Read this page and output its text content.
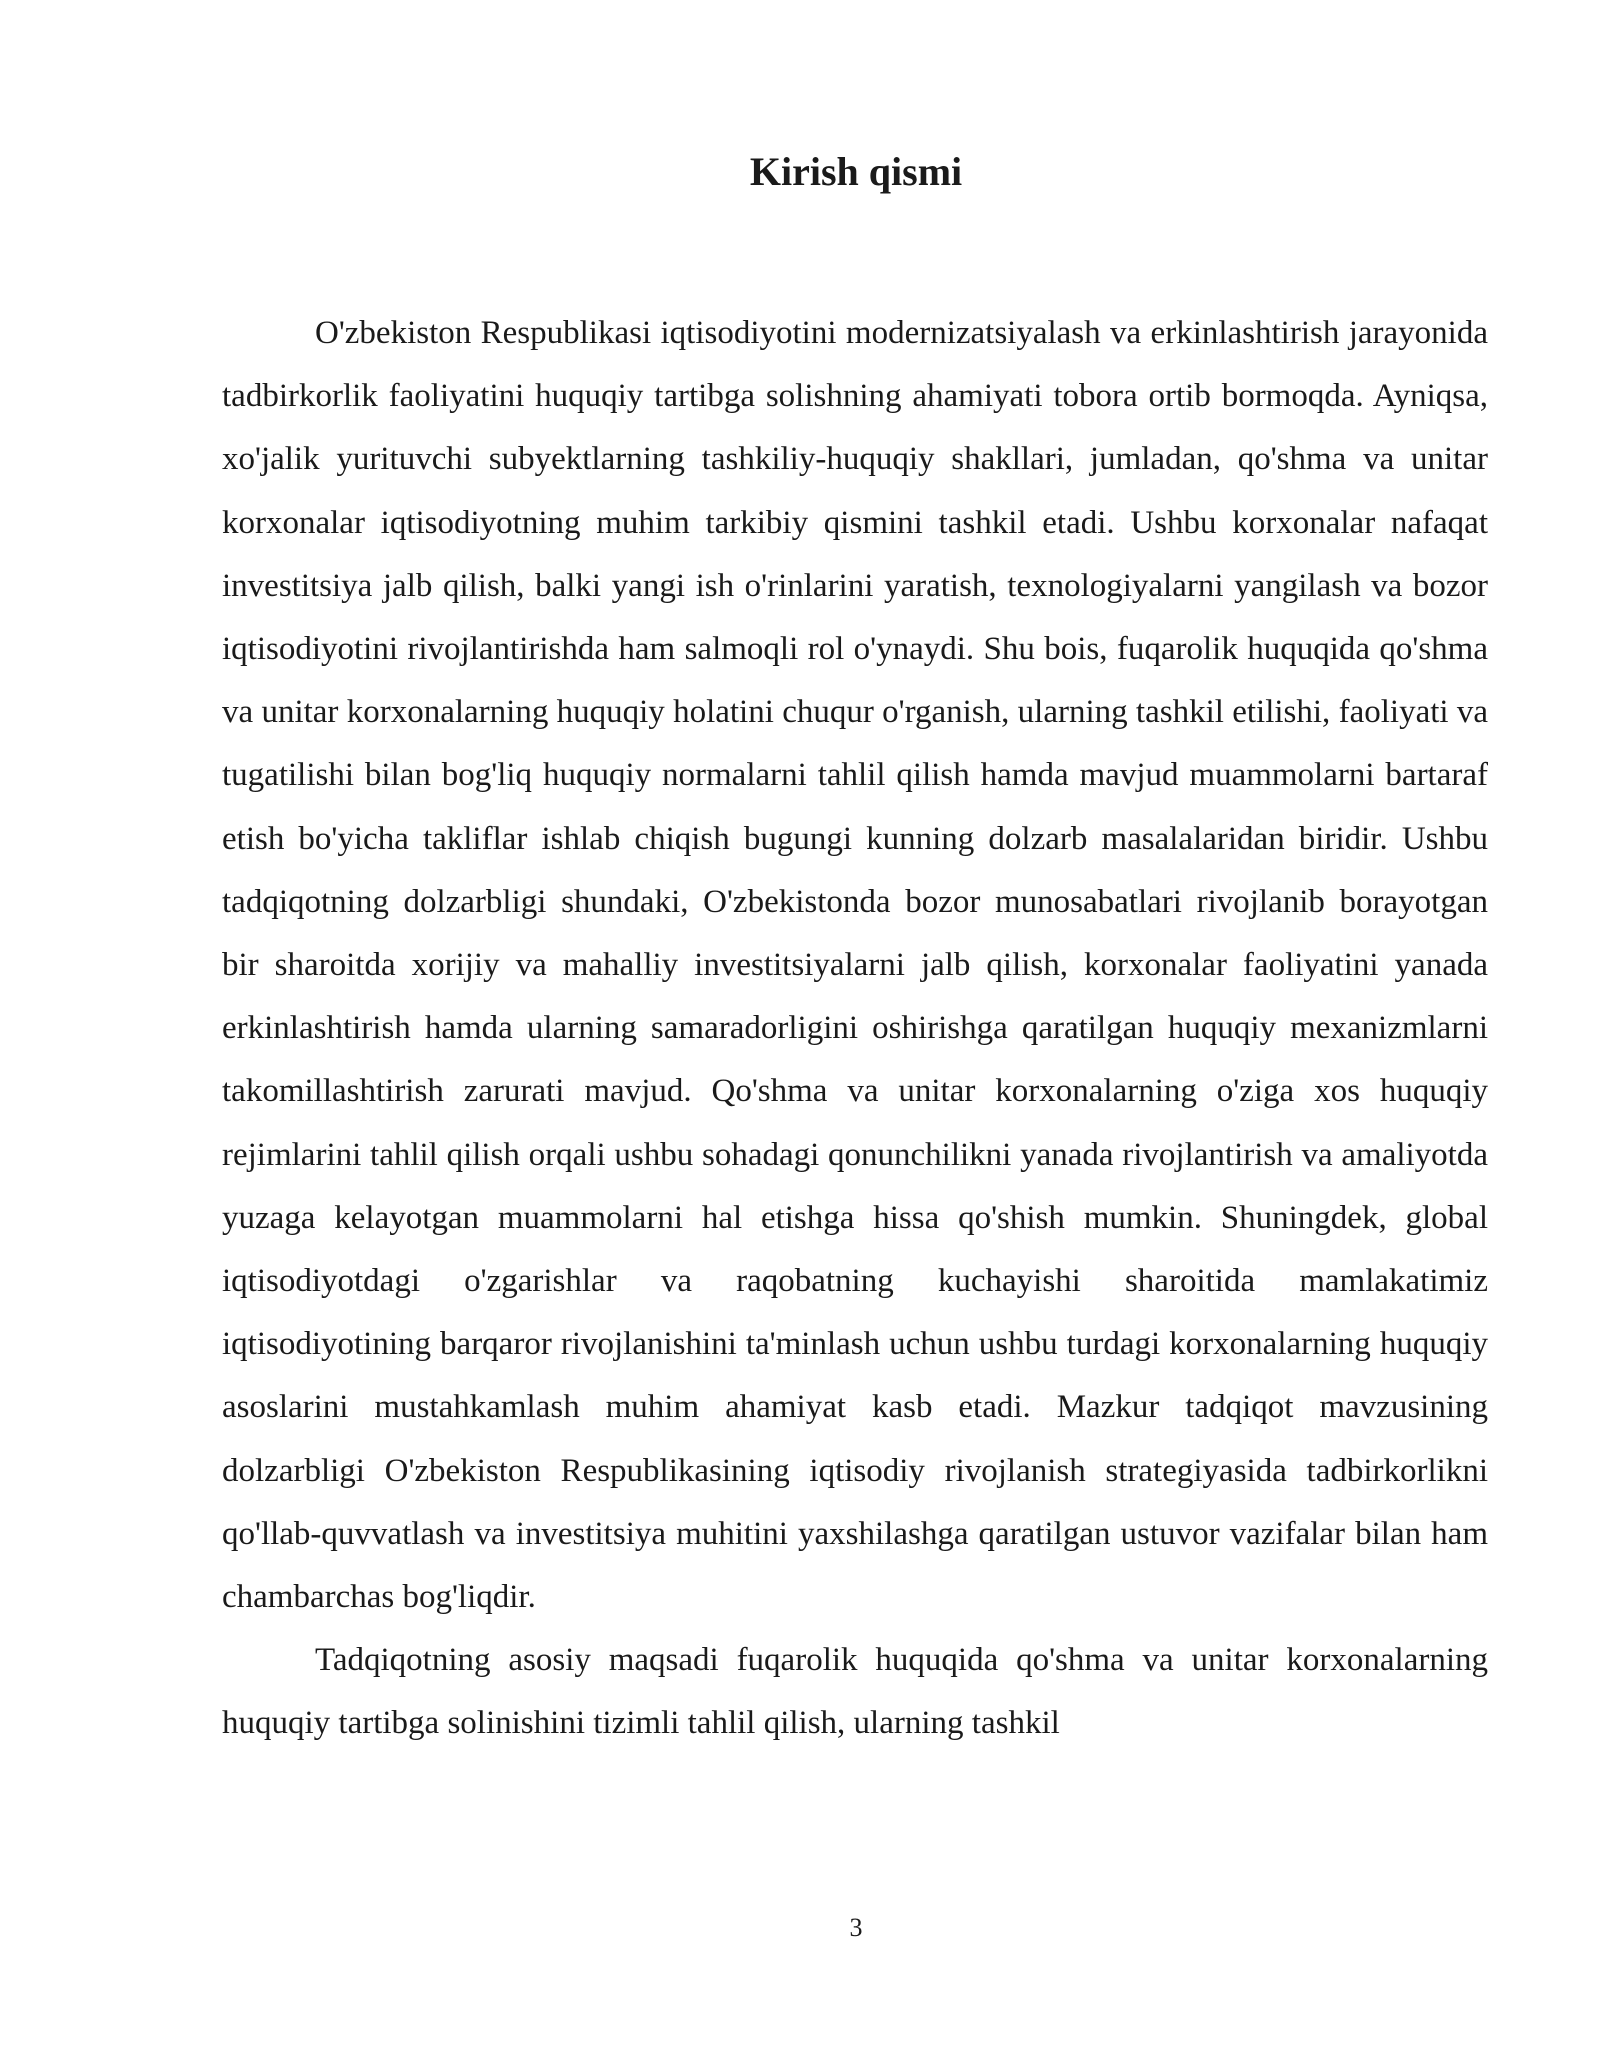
Kirish qismi

O'zbekiston Respublikasi iqtisodiyotini modernizatsiyalash va erkinlashtirish jarayonida tadbirkorlik faoliyatini huquqiy tartibga solishning ahamiyati tobora ortib bormoqda. Ayniqsa, xo'jalik yurituvchi subyektlarning tashkiliy-huquqiy shakllari, jumladan, qo'shma va unitar korxonalar iqtisodiyotning muhim tarkibiy qismini tashkil etadi. Ushbu korxonalar nafaqat investitsiya jalb qilish, balki yangi ish o'rinlarini yaratish, texnologiyalarni yangilash va bozor iqtisodiyotini rivojlantirishda ham salmoqli rol o'ynaydi. Shu bois, fuqarolik huquqida qo'shma va unitar korxonalarning huquqiy holatini chuqur o'rganish, ularning tashkil etilishi, faoliyati va tugatilishi bilan bog'liq huquqiy normalarni tahlil qilish hamda mavjud muammolarni bartaraf etish bo'yicha takliflar ishlab chiqish bugungi kunning dolzarb masalalaridan biridir. Ushbu tadqiqotning dolzarbligi shundaki, O'zbekistonda bozor munosabatlari rivojlanib borayotgan bir sharoitda xorijiy va mahalliy investitsiyalarni jalb qilish, korxonalar faoliyatini yanada erkinlashtirish hamda ularning samaradorligini oshirishga qaratilgan huquqiy mexanizmlarni takomillashtirish zarurati mavjud. Qo'shma va unitar korxonalarning o'ziga xos huquqiy rejimlarini tahlil qilish orqali ushbu sohadagi qonunchilikni yanada rivojlantirish va amaliyotda yuzaga kelayotgan muammolarni hal etishga hissa qo'shish mumkin. Shuningdek, global iqtisodiyotdagi o'zgarishlar va raqobatning kuchayishi sharoitida mamlakatimiz iqtisodiyotining barqaror rivojlanishini ta'minlash uchun ushbu turdagi korxonalarning huquqiy asoslarini mustahkamlash muhim ahamiyat kasb etadi. Mazkur tadqiqot mavzusining dolzarbligi O'zbekiston Respublikasining iqtisodiy rivojlanish strategiyasida tadbirkorlikni qo'llab-quvvatlash va investitsiya muhitini yaxshilashga qaratilgan ustuvor vazifalar bilan ham chambarchas bog'liqdir.

Tadqiqotning asosiy maqsadi fuqarolik huquqida qo'shma va unitar korxonalarning huquqiy tartibga solinishini tizimli tahlil qilish, ularning tashkil

3
